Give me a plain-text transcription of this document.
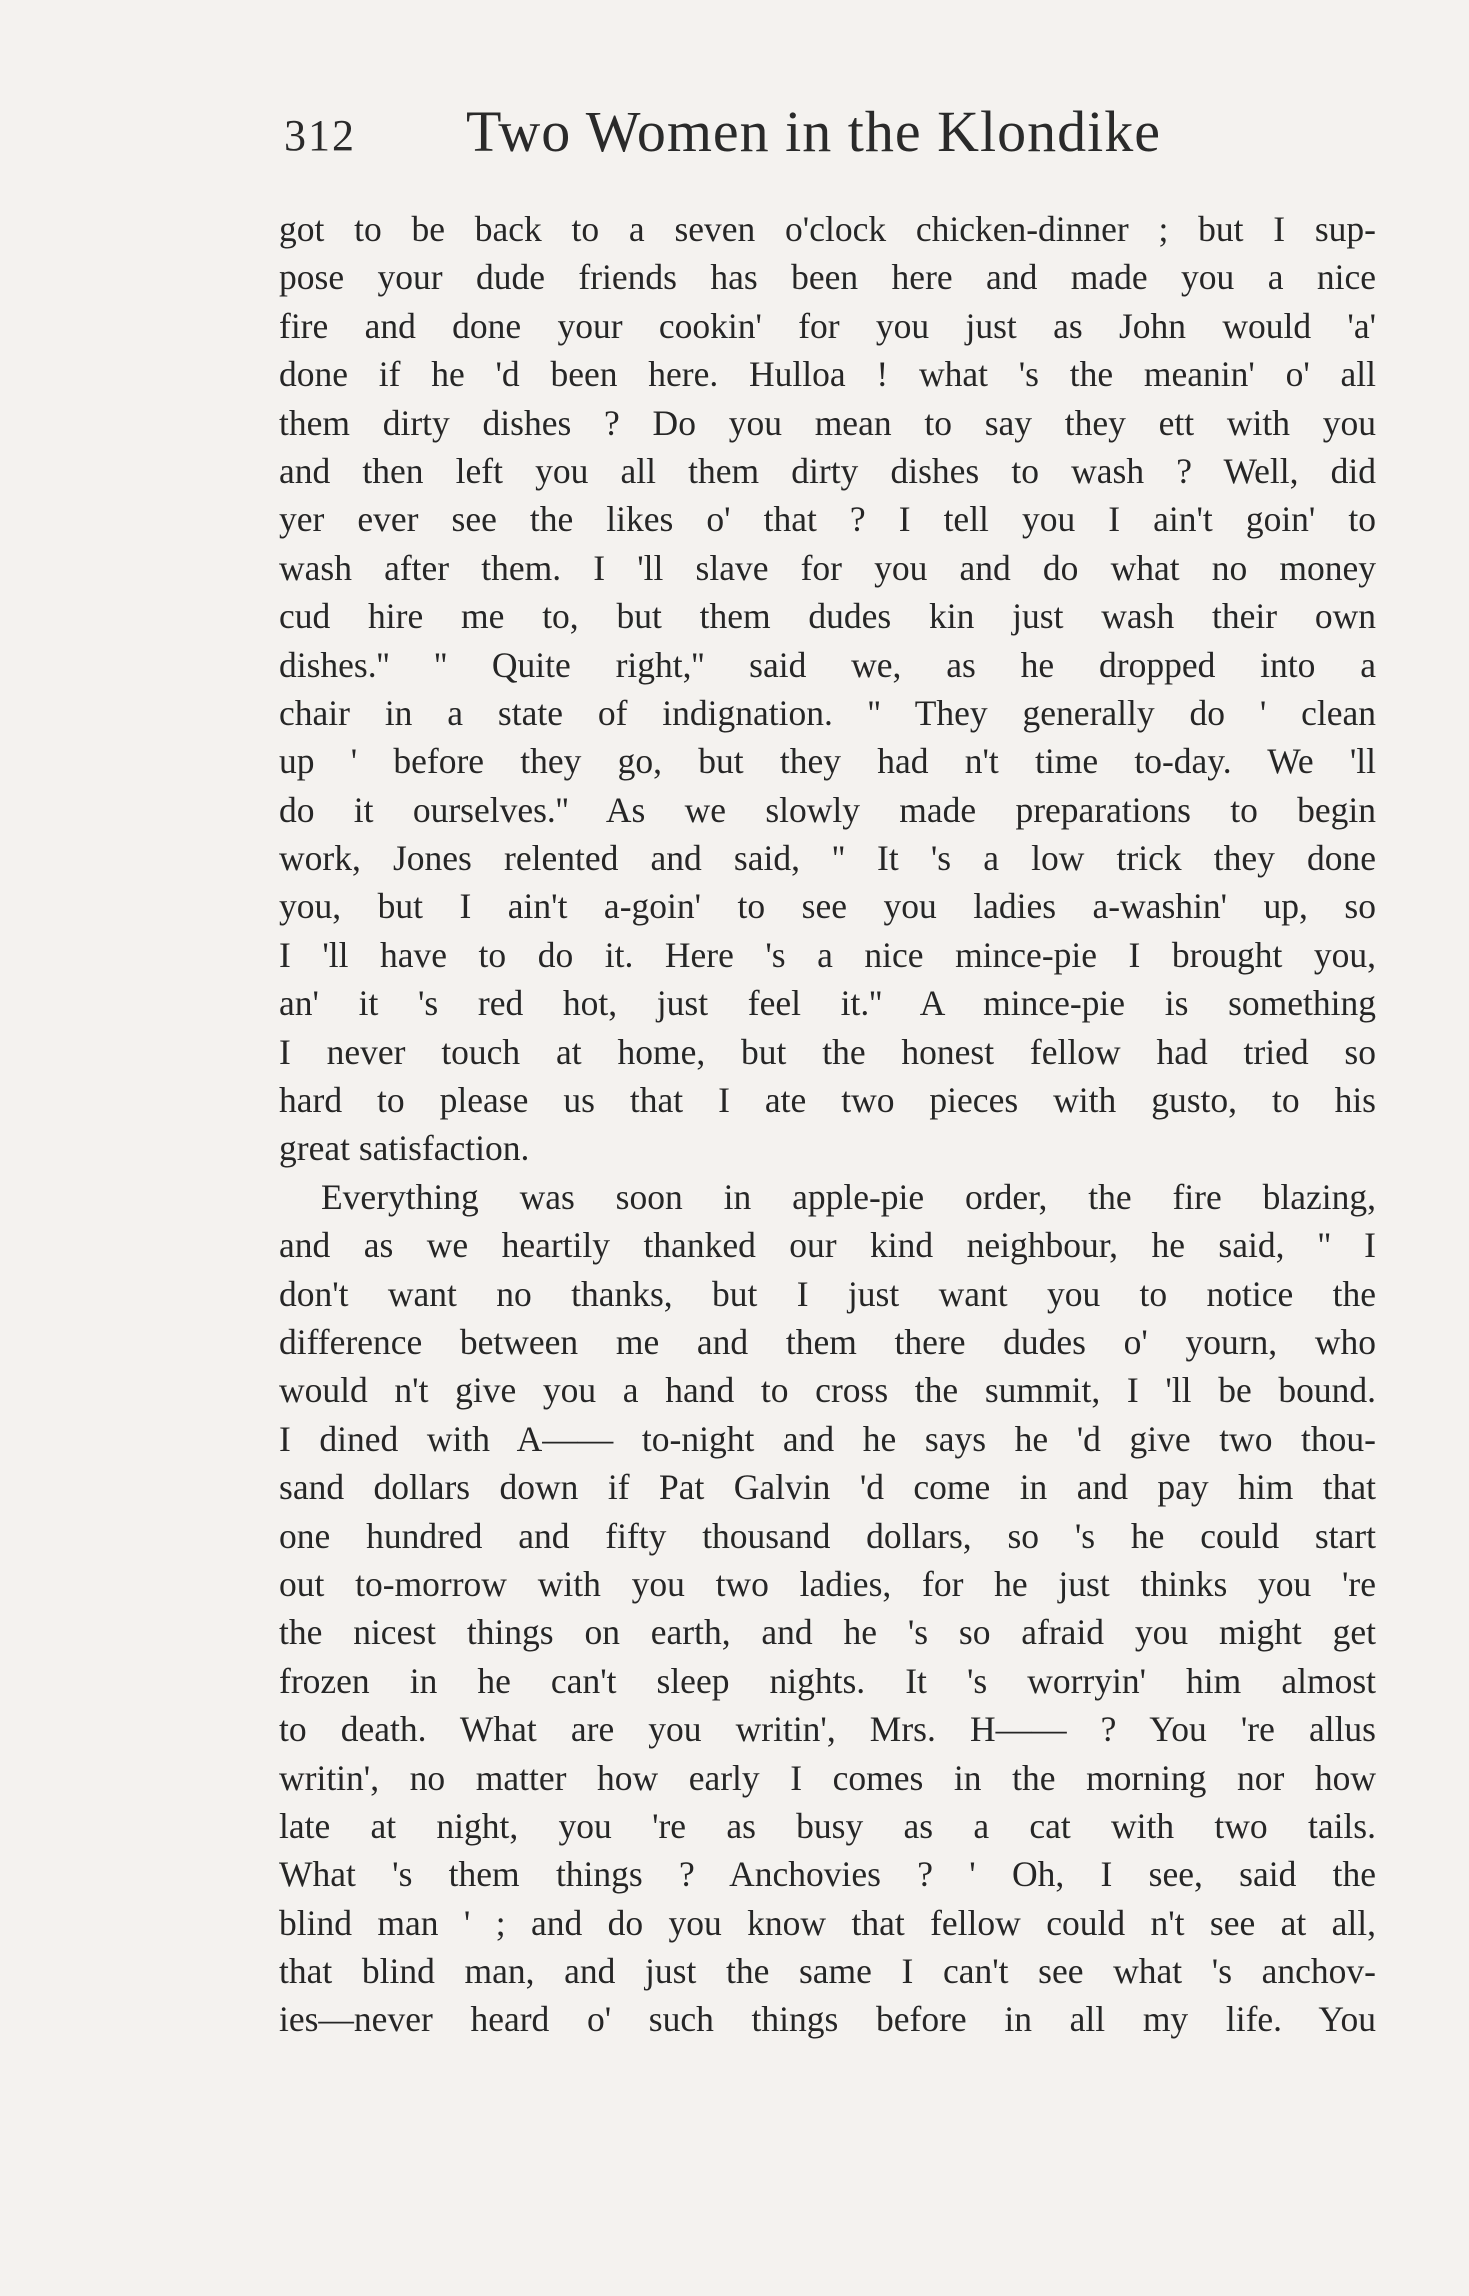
312 Two Women in the Klondike
got to be back to a seven o'clock chicken-dinner ; but I sup-
pose your dude friends has been here and made you a nice
fire and done your cookin' for you just as John would 'a'
done if he 'd been here. Hulloa ! what 's the meanin' o' all
them dirty dishes ? Do you mean to say they ett with you
and then left you all them dirty dishes to wash ? Well, did
yer ever see the likes o' that ? I tell you I ain't goin' to
wash after them. I 'll slave for you and do what no money
cud hire me to, but them dudes kin just wash their own
dishes.'' '' Quite right,'' said we, as he dropped into a
chair in a state of indignation. '' They generally do ' clean
up ' before they go, but they had n't time to-day. We 'll
do it ourselves.'' As we slowly made preparations to begin
work, Jones relented and said, '' It 's a low trick they done
you, but I ain't a-goin' to see you ladies a-washin' up, so
I 'll have to do it. Here 's a nice mince-pie I brought you,
an' it 's red hot, just feel it.'' A mince-pie is something
I never touch at home, but the honest fellow had tried so
hard to please us that I ate two pieces with gusto, to his
great satisfaction.
Everything was soon in apple-pie order, the fire blazing,
and as we heartily thanked our kind neighbour, he said, '' I
don't want no thanks, but I just want you to notice the
difference between me and them there dudes o' yourn, who
would n't give you a hand to cross the summit, I 'll be bound.
I dined with A—— to-night and he says he 'd give two thou-
sand dollars down if Pat Galvin 'd come in and pay him that
one hundred and fifty thousand dollars, so 's he could start
out to-morrow with you two ladies, for he just thinks you 're
the nicest things on earth, and he 's so afraid you might get
frozen in he can't sleep nights. It 's worryin' him almost
to death. What are you writin', Mrs. H—— ? You 're allus
writin', no matter how early I comes in the morning nor how
late at night, you 're as busy as a cat with two tails.
What 's them things ? Anchovies ? ' Oh, I see, said the
blind man ' ; and do you know that fellow could n't see at all,
that blind man, and just the same I can't see what 's anchov-
ies—never heard o' such things before in all my life. You
